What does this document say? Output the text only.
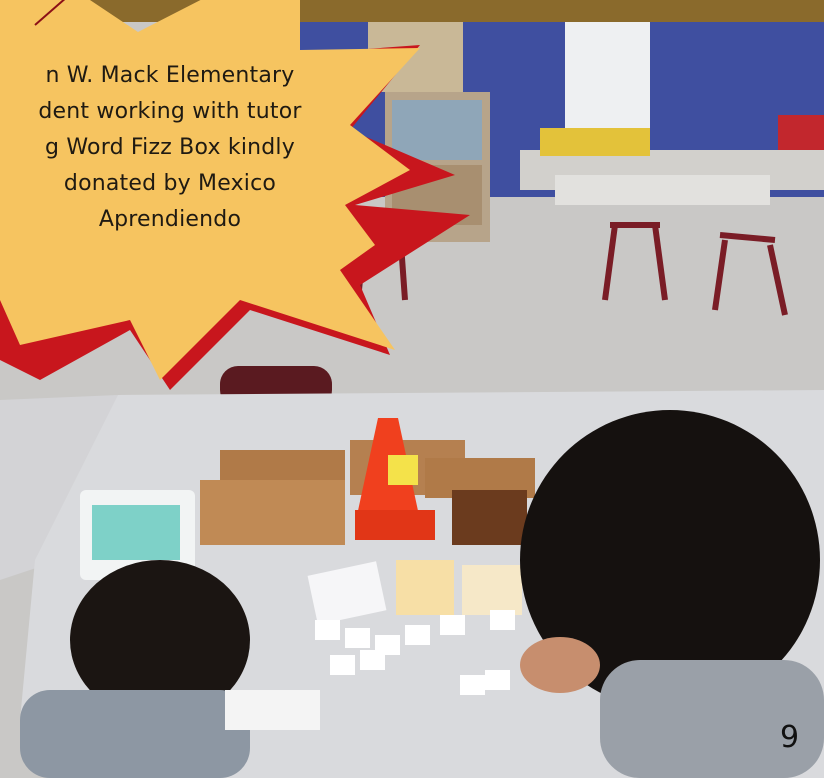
n W. Mack Elementary
dent working with tutor
g Word Fizz Box kindly
donated by Mexico
Aprendiendo
9
